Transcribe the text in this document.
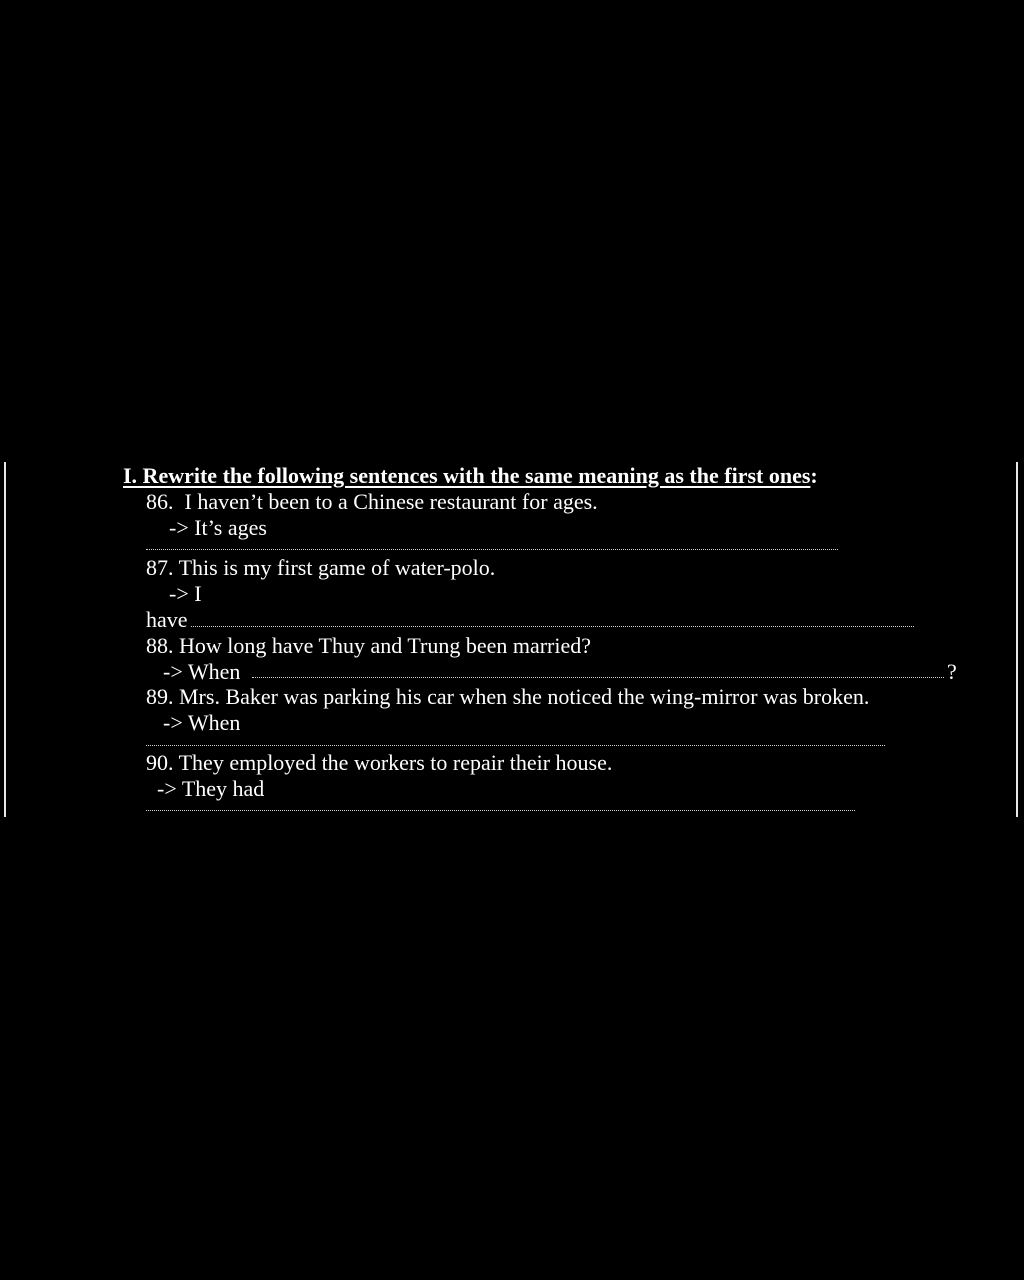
I. Rewrite the following sentences with the same meaning as the first ones:
86. I haven’t been to a Chinese restaurant for ages.
-> It’s ages
87. This is my first game of water-polo.
-> I
have
88. How long have Thuy and Trung been married?
-> When	?
89. Mrs. Baker was parking his car when she noticed the wing-mirror was broken.
-> When
90. They employed the workers to repair their house.
-> They had
